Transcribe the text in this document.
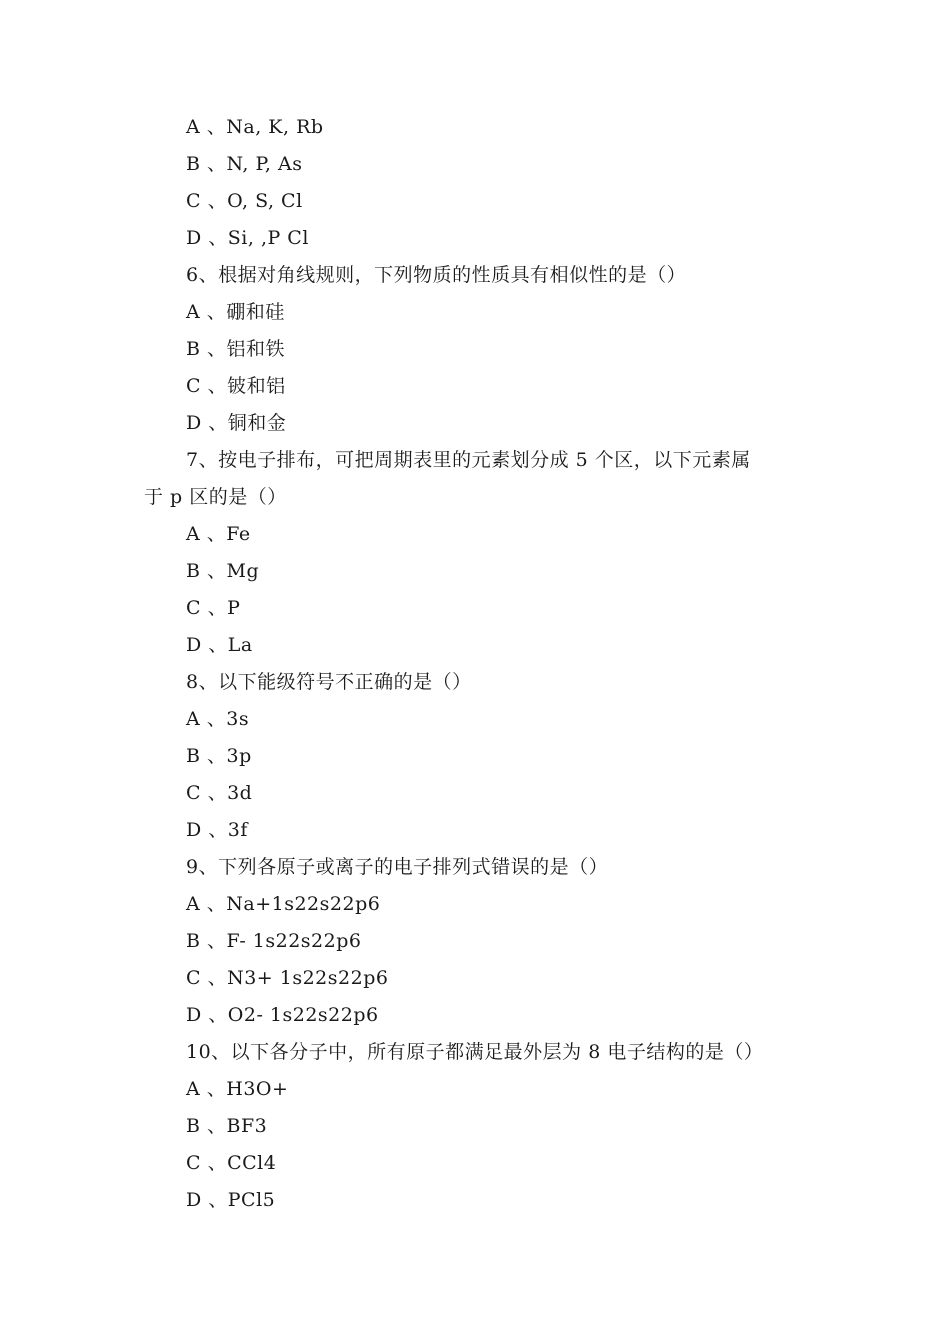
A 、Na, K, Rb
B 、N, P, As
C 、O, S, Cl
D 、Si, ,P Cl
6、根据对角线规则，下列物质的性质具有相似性的是（）
A 、硼和硅
B 、铝和铁
C 、铍和铝
D 、铜和金
7、按电子排布，可把周期表里的元素划分成 5 个区，以下元素属
于 p 区的是（）
A 、Fe
B 、Mg
C 、P
D 、La
8、以下能级符号不正确的是（）
A 、3s
B 、3p
C 、3d
D 、3f
9、下列各原子或离子的电子排列式错误的是（）
A 、Na+1s22s22p6
B 、F- 1s22s22p6
C 、N3+ 1s22s22p6
D 、O2- 1s22s22p6
10、以下各分子中，所有原子都满足最外层为 8 电子结构的是（）
A 、H3O+
B 、BF3
C 、CCl4
D 、PCl5
